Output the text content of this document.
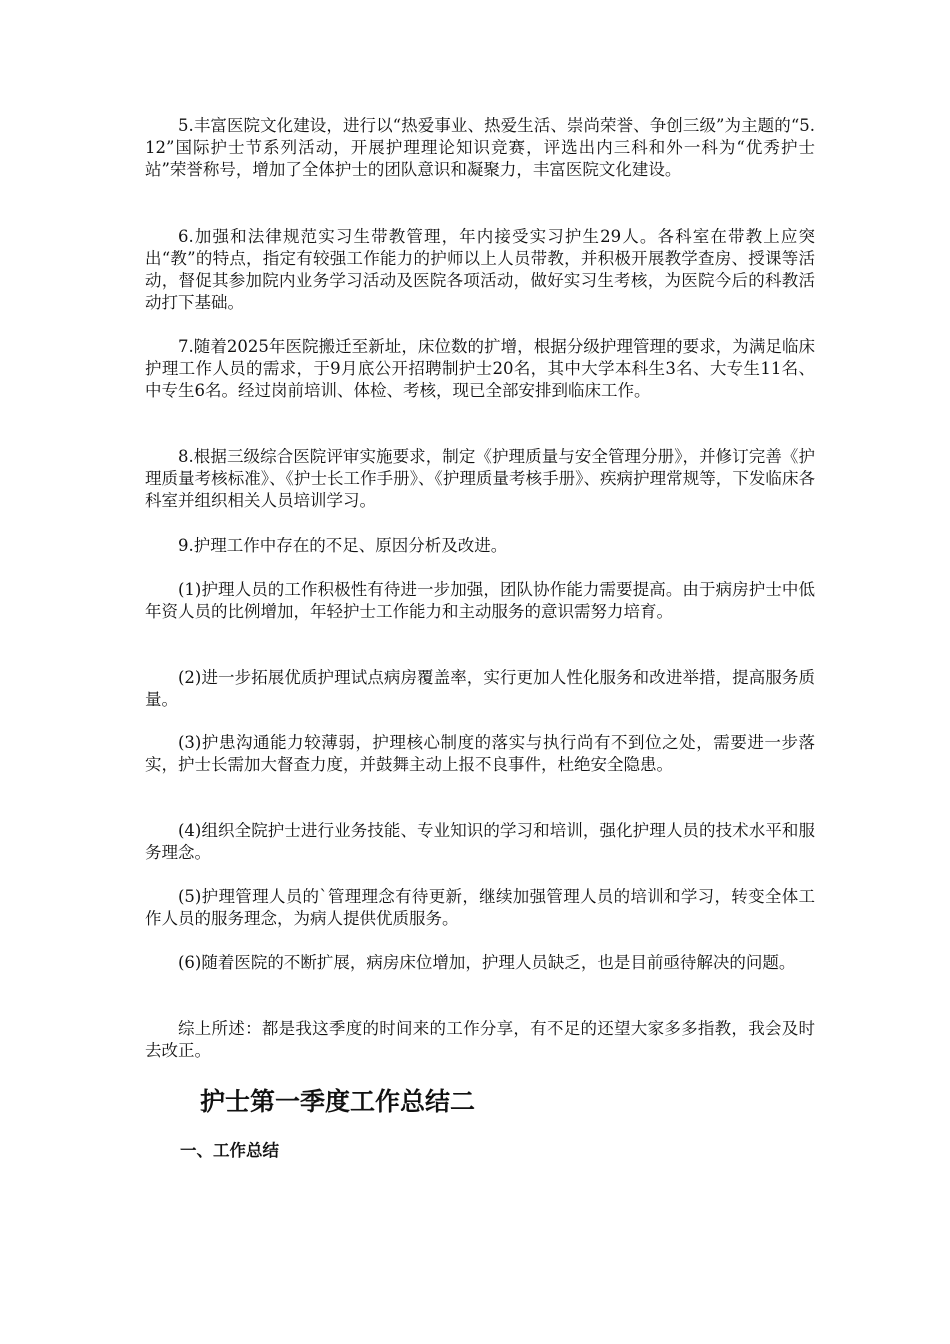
5.丰富医院文化建设，进行以“热爱事业、热爱生活、崇尚荣誉、争创三级”为主题的“5.12”国际护士节系列活动，开展护理理论知识竞赛，评选出内三科和外一科为“优秀护士站”荣誉称号，增加了全体护士的团队意识和凝聚力，丰富医院文化建设。

6.加强和法律规范实习生带教管理，年内接受实习护生29人。各科室在带教上应突出“教”的特点，指定有较强工作能力的护师以上人员带教，并积极开展教学查房、授课等活动，督促其参加院内业务学习活动及医院各项活动，做好实习生考核，为医院今后的科教活动打下基础。

7.随着2025年医院搬迁至新址，床位数的扩增，根据分级护理管理的要求，为满足临床护理工作人员的需求，于9月底公开招聘制护士20名，其中大学本科生3名、大专生11名、中专生6名。经过岗前培训、体检、考核，现已全部安排到临床工作。

8.根据三级综合医院评审实施要求，制定《护理质量与安全管理分册》，并修订完善《护理质量考核标准》、《护士长工作手册》、《护理质量考核手册》、疾病护理常规等，下发临床各科室并组织相关人员培训学习。

9.护理工作中存在的不足、原因分析及改进。

(1)护理人员的工作积极性有待进一步加强，团队协作能力需要提高。由于病房护士中低年资人员的比例增加，年轻护士工作能力和主动服务的意识需努力培育。

(2)进一步拓展优质护理试点病房覆盖率，实行更加人性化服务和改进举措，提高服务质量。

(3)护患沟通能力较薄弱，护理核心制度的落实与执行尚有不到位之处，需要进一步落实，护士长需加大督查力度，并鼓舞主动上报不良事件，杜绝安全隐患。

(4)组织全院护士进行业务技能、专业知识的学习和培训，强化护理人员的技术水平和服务理念。

(5)护理管理人员的`管理理念有待更新，继续加强管理人员的培训和学习，转变全体工作人员的服务理念，为病人提供优质服务。

(6)随着医院的不断扩展，病房床位增加，护理人员缺乏，也是目前亟待解决的问题。

综上所述：都是我这季度的时间来的工作分享，有不足的还望大家多多指教，我会及时去改正。

护士第一季度工作总结二
一、工作总结
